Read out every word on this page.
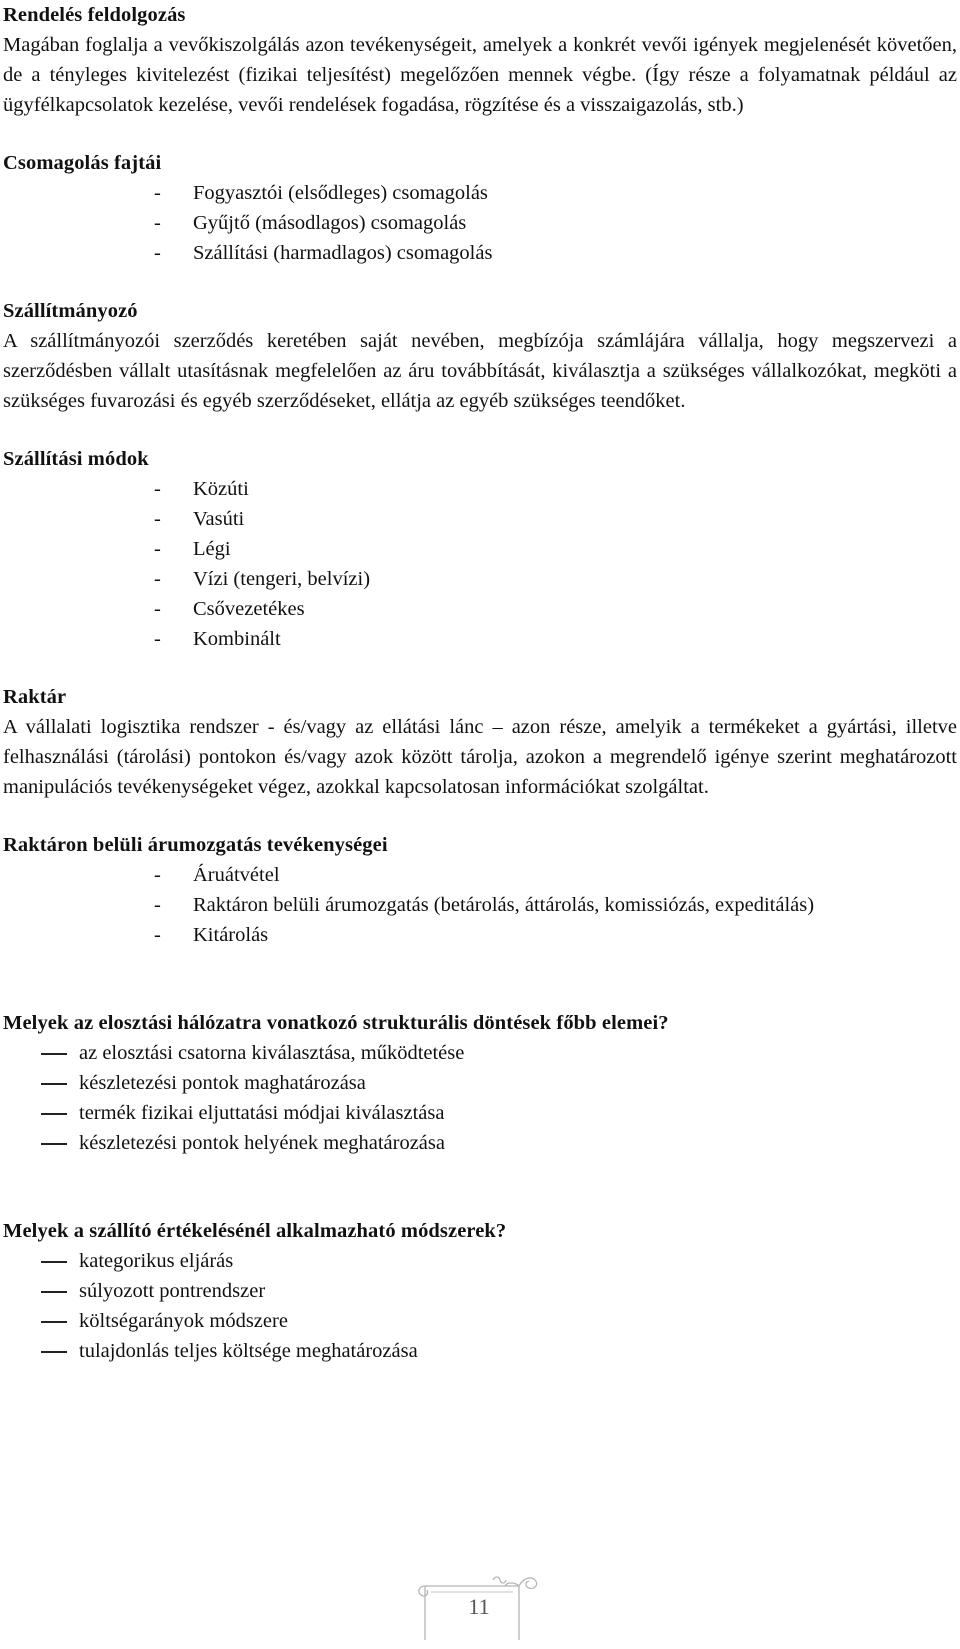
Rendelés feldolgozás

Magában foglalja a vevőkiszolgálás azon tevékenységeit, amelyek a konkrét vevői igények megjelenését követően, de a tényleges kivitelezést (fizikai teljesítést) megelőzően mennek végbe. (Így része a folyamatnak például az ügyfélkapcsolatok kezelése, vevői rendelések fogadása, rögzítése és a visszaigazolás, stb.)

Csomagolás fajtái

- Fogyasztói (elsődleges) csomagolás
- Gyűjtő (másodlagos) csomagolás
- Szállítási (harmadlagos) csomagolás

Szállítmányozó

A szállítmányozói szerződés keretében saját nevében, megbízója számlájára vállalja, hogy megszervezi a szerződésben vállalt utasításnak megfelelően az áru továbbítását, kiválasztja a szükséges vállalkozókat, megköti a szükséges fuvarozási és egyéb szerződéseket, ellátja az egyéb szükséges teendőket.

Szállítási módok

- Közúti
- Vasúti
- Légi
- Vízi (tengeri, belvízi)
- Csővezetékes
- Kombinált

Raktár

A vállalati logisztika rendszer - és/vagy az ellátási lánc – azon része, amelyik a termékeket a gyártási, illetve felhasználási (tárolási) pontokon és/vagy azok között tárolja, azokon a megrendelő igénye szerint meghatározott manipulációs tevékenységeket végez, azokkal kapcsolatosan információkat szolgáltat.

Raktáron belüli árumozgatás tevékenységei

- Áruátvétel
- Raktáron belüli árumozgatás (betárolás, áttárolás, komissiózás, expeditálás)
- Kitárolás

Melyek az elosztási hálózatra vonatkozó strukturális döntések főbb elemei?

az elosztási csatorna kiválasztása, működtetése
készletezési pontok maghatározása
termék fizikai eljuttatási módjai kiválasztása
készletezési pontok helyének meghatározása

Melyek a szállító értékelésénél alkalmazható módszerek?

kategorikus eljárás
súlyozott pontrendszer
költségarányok módszere
tulajdonlás teljes költsége meghatározása
11
